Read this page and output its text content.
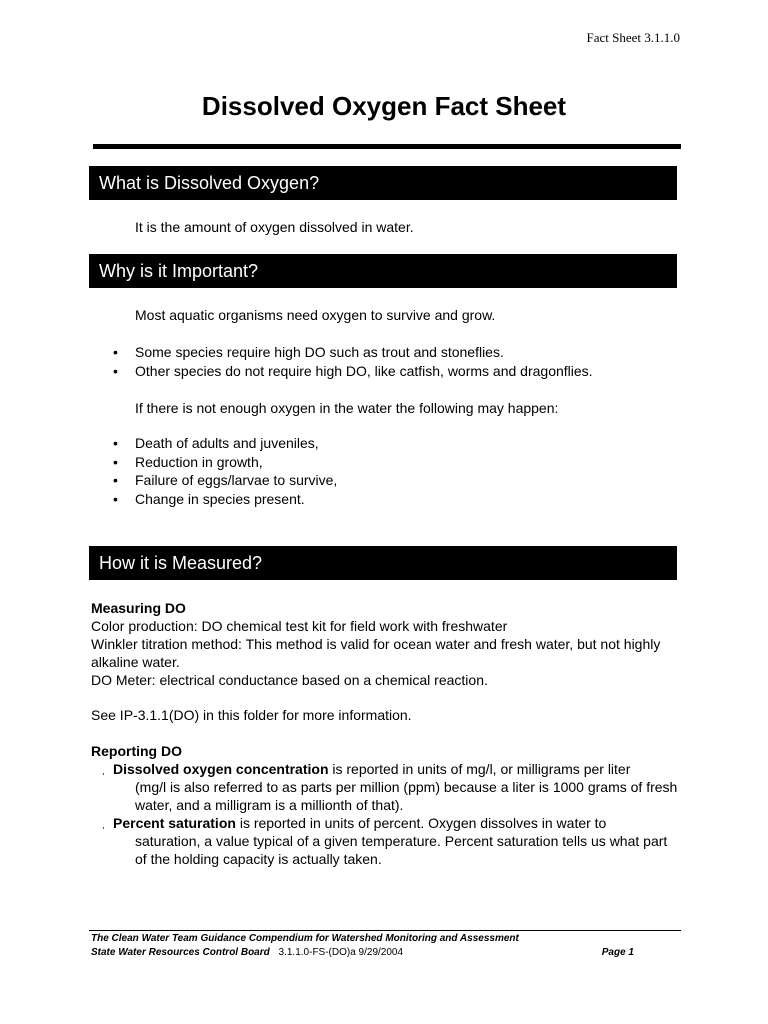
Fact Sheet 3.1.1.0
Dissolved Oxygen Fact Sheet
What is Dissolved Oxygen?
It is the amount of oxygen dissolved in water.
Why is it Important?
Most aquatic organisms need oxygen to survive and grow.
• Some species require high DO such as trout and stoneflies.
• Other species do not require high DO, like catfish, worms and dragonflies.
If there is not enough oxygen in the water the following may happen:
• Death of adults and juveniles,
• Reduction in growth,
• Failure of eggs/larvae to survive,
• Change in species present.
How it is Measured?
Measuring DO
Color production: DO chemical test kit for field work with freshwater
Winkler titration method: This method is valid for ocean water and fresh water, but not highly alkaline water.
DO Meter: electrical conductance based on a chemical reaction.
See IP-3.1.1(DO) in this folder for more information.
Reporting DO
, Dissolved oxygen concentration is reported in units of mg/l, or milligrams per liter
(mg/l is also referred to as parts per million (ppm) because a liter is 1000 grams of fresh water, and a milligram is a millionth of that).
, Percent saturation is reported in units of percent. Oxygen dissolves in water to
saturation, a value typical of a given temperature. Percent saturation tells us what part of the holding capacity is actually taken.
The Clean Water Team Guidance Compendium for Watershed Monitoring and Assessment
State Water Resources Control Board 3.1.1.0-FS-(DO)a 9/29/2004	Page 1
